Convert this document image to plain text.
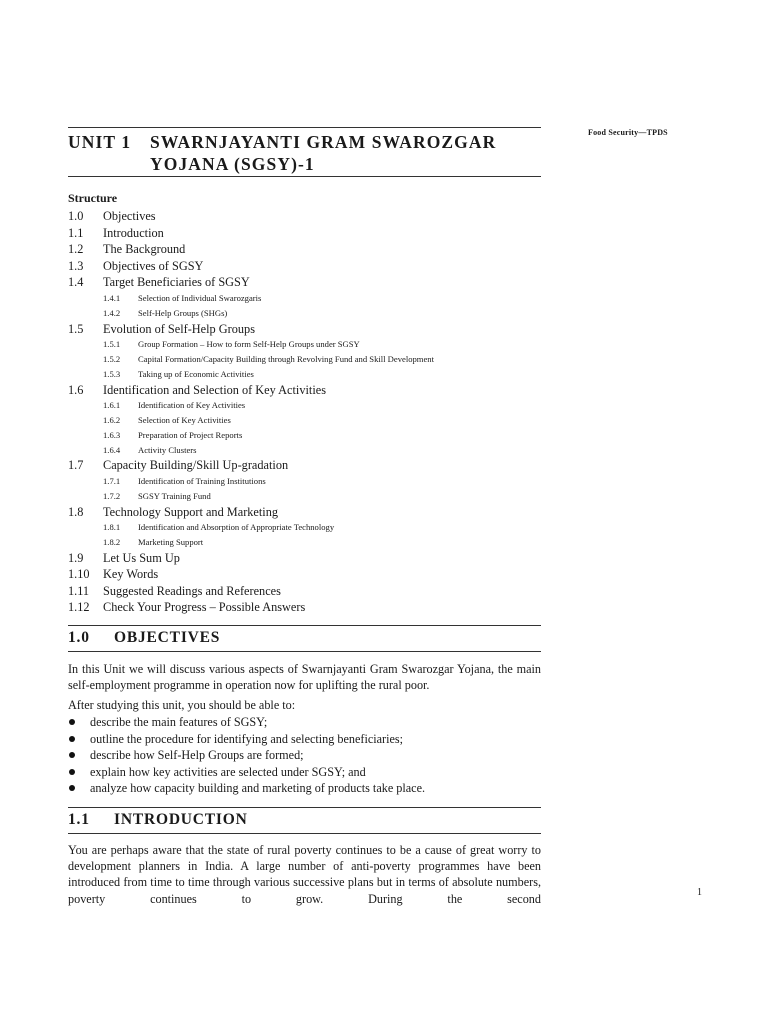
Food Security—TPDS
1
UNIT 1 SWARNJAYANTI GRAM SWAROZGAR
YOJANA (SGSY)-1
Structure
1.0 Objectives
1.1 Introduction
1.2 The Background
1.3 Objectives of SGSY
1.4 Target Beneficiaries of SGSY
1.4.1 Selection of Individual Swarozgaris
1.4.2 Self-Help Groups (SHGs)
1.5 Evolution of Self-Help Groups
1.5.1 Group Formation – How to form Self-Help Groups under SGSY
1.5.2 Capital Formation/Capacity Building through Revolving Fund and Skill Development
1.5.3 Taking up of Economic Activities
1.6 Identification and Selection of Key Activities
1.6.1 Identification of Key Activities
1.6.2 Selection of Key Activities
1.6.3 Preparation of Project Reports
1.6.4 Activity Clusters
1.7 Capacity Building/Skill Up-gradation
1.7.1 Identification of Training Institutions
1.7.2 SGSY Training Fund
1.8 Technology Support and Marketing
1.8.1 Identification and Absorption of Appropriate Technology
1.8.2 Marketing Support
1.9 Let Us Sum Up
1.10 Key Words
1.11 Suggested Readings and References
1.12 Check Your Progress – Possible Answers
1.0 OBJECTIVES
In this Unit we will discuss various aspects of Swarnjayanti Gram Swarozgar Yojana, the main self-employment programme in operation now for uplifting the rural poor.
After studying this unit, you should be able to:
describe the main features of SGSY;
outline the procedure for identifying and selecting beneficiaries;
describe how Self-Help Groups are formed;
explain how key activities are selected under SGSY; and
analyze how capacity building and marketing of products take place.
1.1 INTRODUCTION
You are perhaps aware that the state of rural poverty continues to be a cause of great worry to development planners in India. A large number of anti-poverty programmes have been introduced from time to time through various successive plans but in terms of absolute numbers, poverty continues to grow. During the second
